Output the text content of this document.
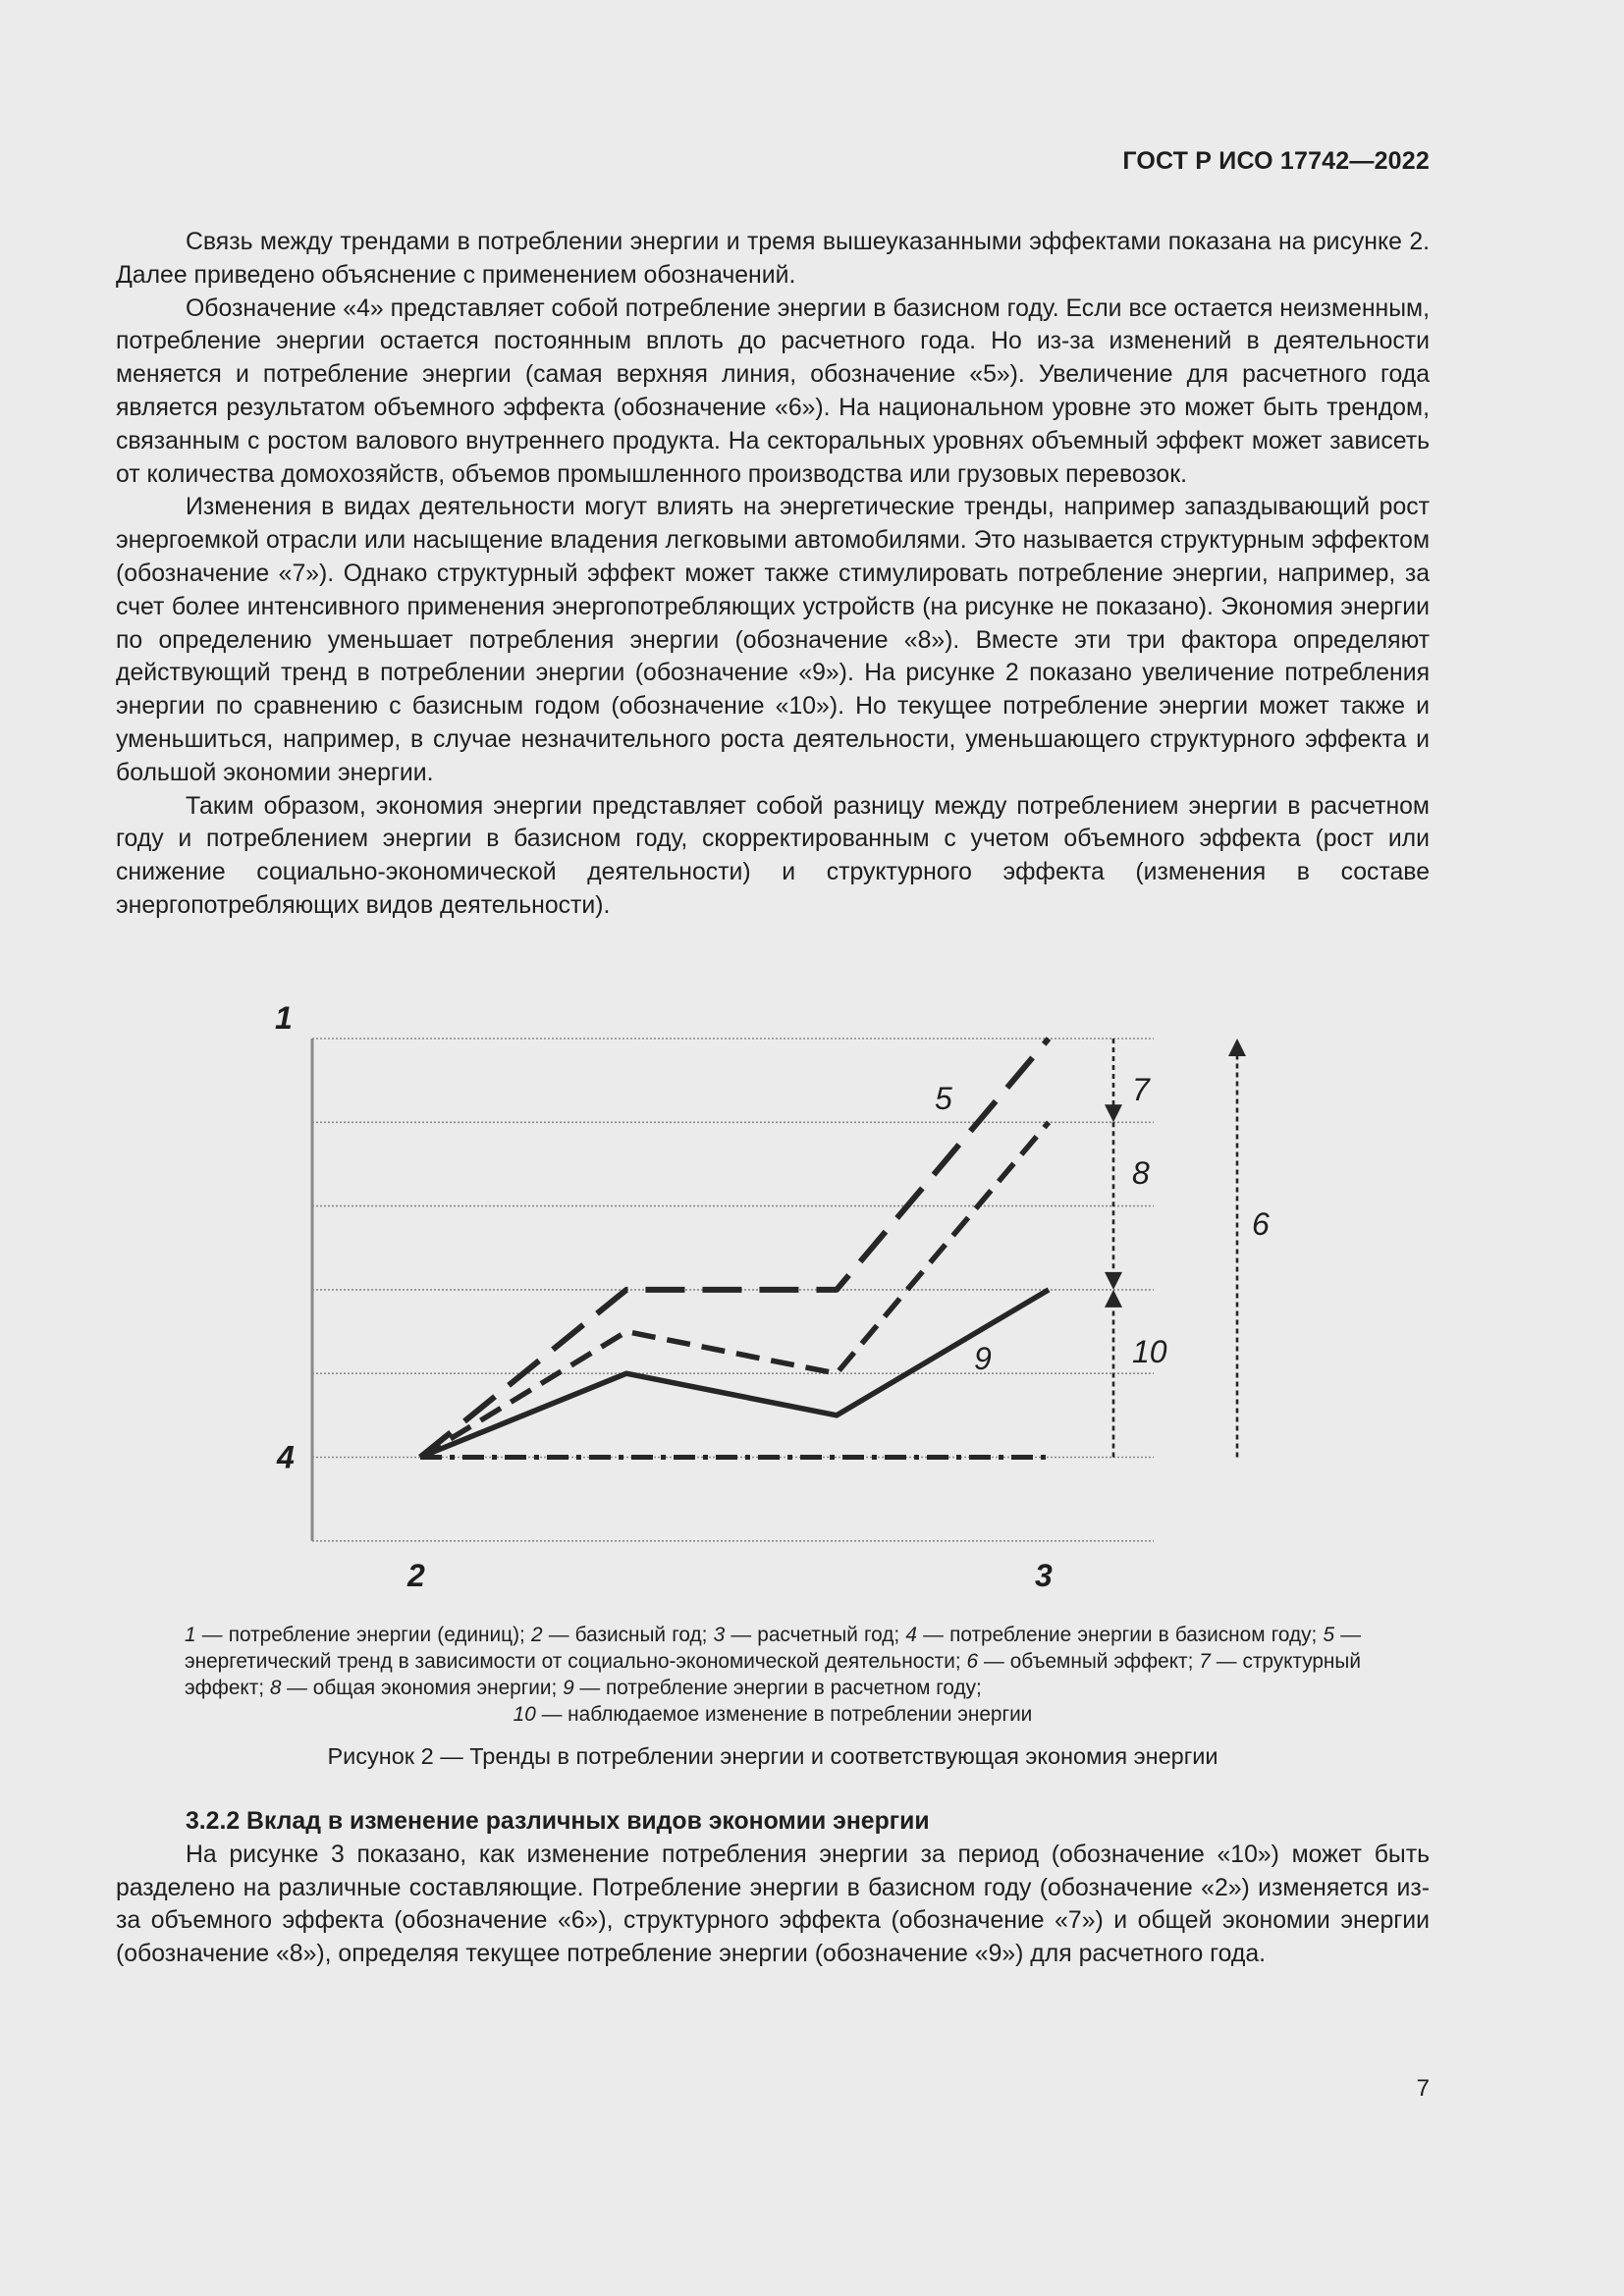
ГОСТ Р ИСО 17742—2022

Связь между трендами в потреблении энергии и тремя вышеуказанными эффектами показана на рисунке 2. Далее приведено объяснение с применением обозначений.

Обозначение «4» представляет собой потребление энергии в базисном году. Если все остается неизменным, потребление энергии остается постоянным вплоть до расчетного года. Но из-за изменений в деятельности меняется и потребление энергии (самая верхняя линия, обозначение «5»). Увеличение для расчетного года является результатом объемного эффекта (обозначение «6»). На национальном уровне это может быть трендом, связанным с ростом валового внутреннего продукта. На секторальных уровнях объемный эффект может зависеть от количества домохозяйств, объемов промышленного производства или грузовых перевозок.

Изменения в видах деятельности могут влиять на энергетические тренды, например запаздывающий рост энергоемкой отрасли или насыщение владения легковыми автомобилями. Это называется структурным эффектом (обозначение «7»). Однако структурный эффект может также стимулировать потребление энергии, например, за счет более интенсивного применения энергопотребляющих устройств (на рисунке не показано). Экономия энергии по определению уменьшает потребления энергии (обозначение «8»). Вместе эти три фактора определяют действующий тренд в потреблении энергии (обозначение «9»). На рисунке 2 показано увеличение потребления энергии по сравнению с базисным годом (обозначение «10»). Но текущее потребление энергии может также и уменьшиться, например, в случае незначительного роста деятельности, уменьшающего структурного эффекта и большой экономии энергии.

Таким образом, экономия энергии представляет собой разницу между потреблением энергии в расчетном году и потреблением энергии в базисном году, скорректированным с учетом объемного эффекта (рост или снижение социально-экономической деятельности) и структурного эффекта (изменения в составе энергопотребляющих видов деятельности).

1
4
2	3
5
9
7
8
10
6
1 — потребление энергии (единиц); 2 — базисный год; 3 — расчетный год; 4 — потребление энергии в базисном году; 5 — энергетический тренд в зависимости от социально-экономической деятельности; 6 — объемный эффект; 7 — структурный эффект; 8 — общая экономия энергии; 9 — потребление энергии в расчетном году;
10 — наблюдаемое изменение в потреблении энергии
Рисунок 2 — Тренды в потреблении энергии и соответствующая экономия энергии
3.2.2 Вклад в изменение различных видов экономии энергии

На рисунке 3 показано, как изменение потребления энергии за период (обозначение «10») может быть разделено на различные составляющие. Потребление энергии в базисном году (обозначение «2») изменяется из-за объемного эффекта (обозначение «6»), структурного эффекта (обозначение «7») и общей экономии энергии (обозначение «8»), определяя текущее потребление энергии (обозначение «9») для расчетного года.

7
